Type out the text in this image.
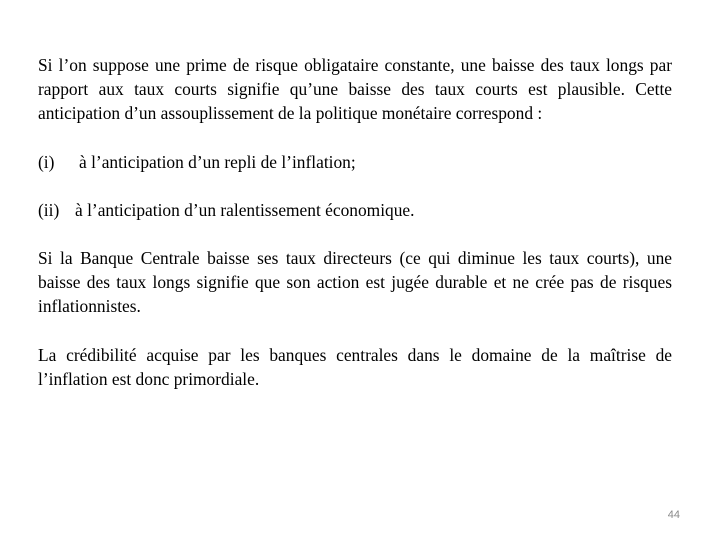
Si l’on suppose une prime de risque obligataire constante, une baisse des taux longs par rapport aux taux courts signifie qu’une baisse des taux courts est plausible. Cette anticipation d’un assouplissement de la politique monétaire correspond :

(i)	à l’anticipation d’un repli de l’inflation;
(ii) à l’anticipation d’un ralentissement économique.

Si la Banque Centrale baisse ses taux directeurs (ce qui diminue les taux courts), une baisse des taux longs signifie que son action est jugée durable et ne crée pas de risques inflationnistes.

La crédibilité acquise par les banques centrales dans le domaine de la maîtrise de l’inflation est donc primordiale.

44
